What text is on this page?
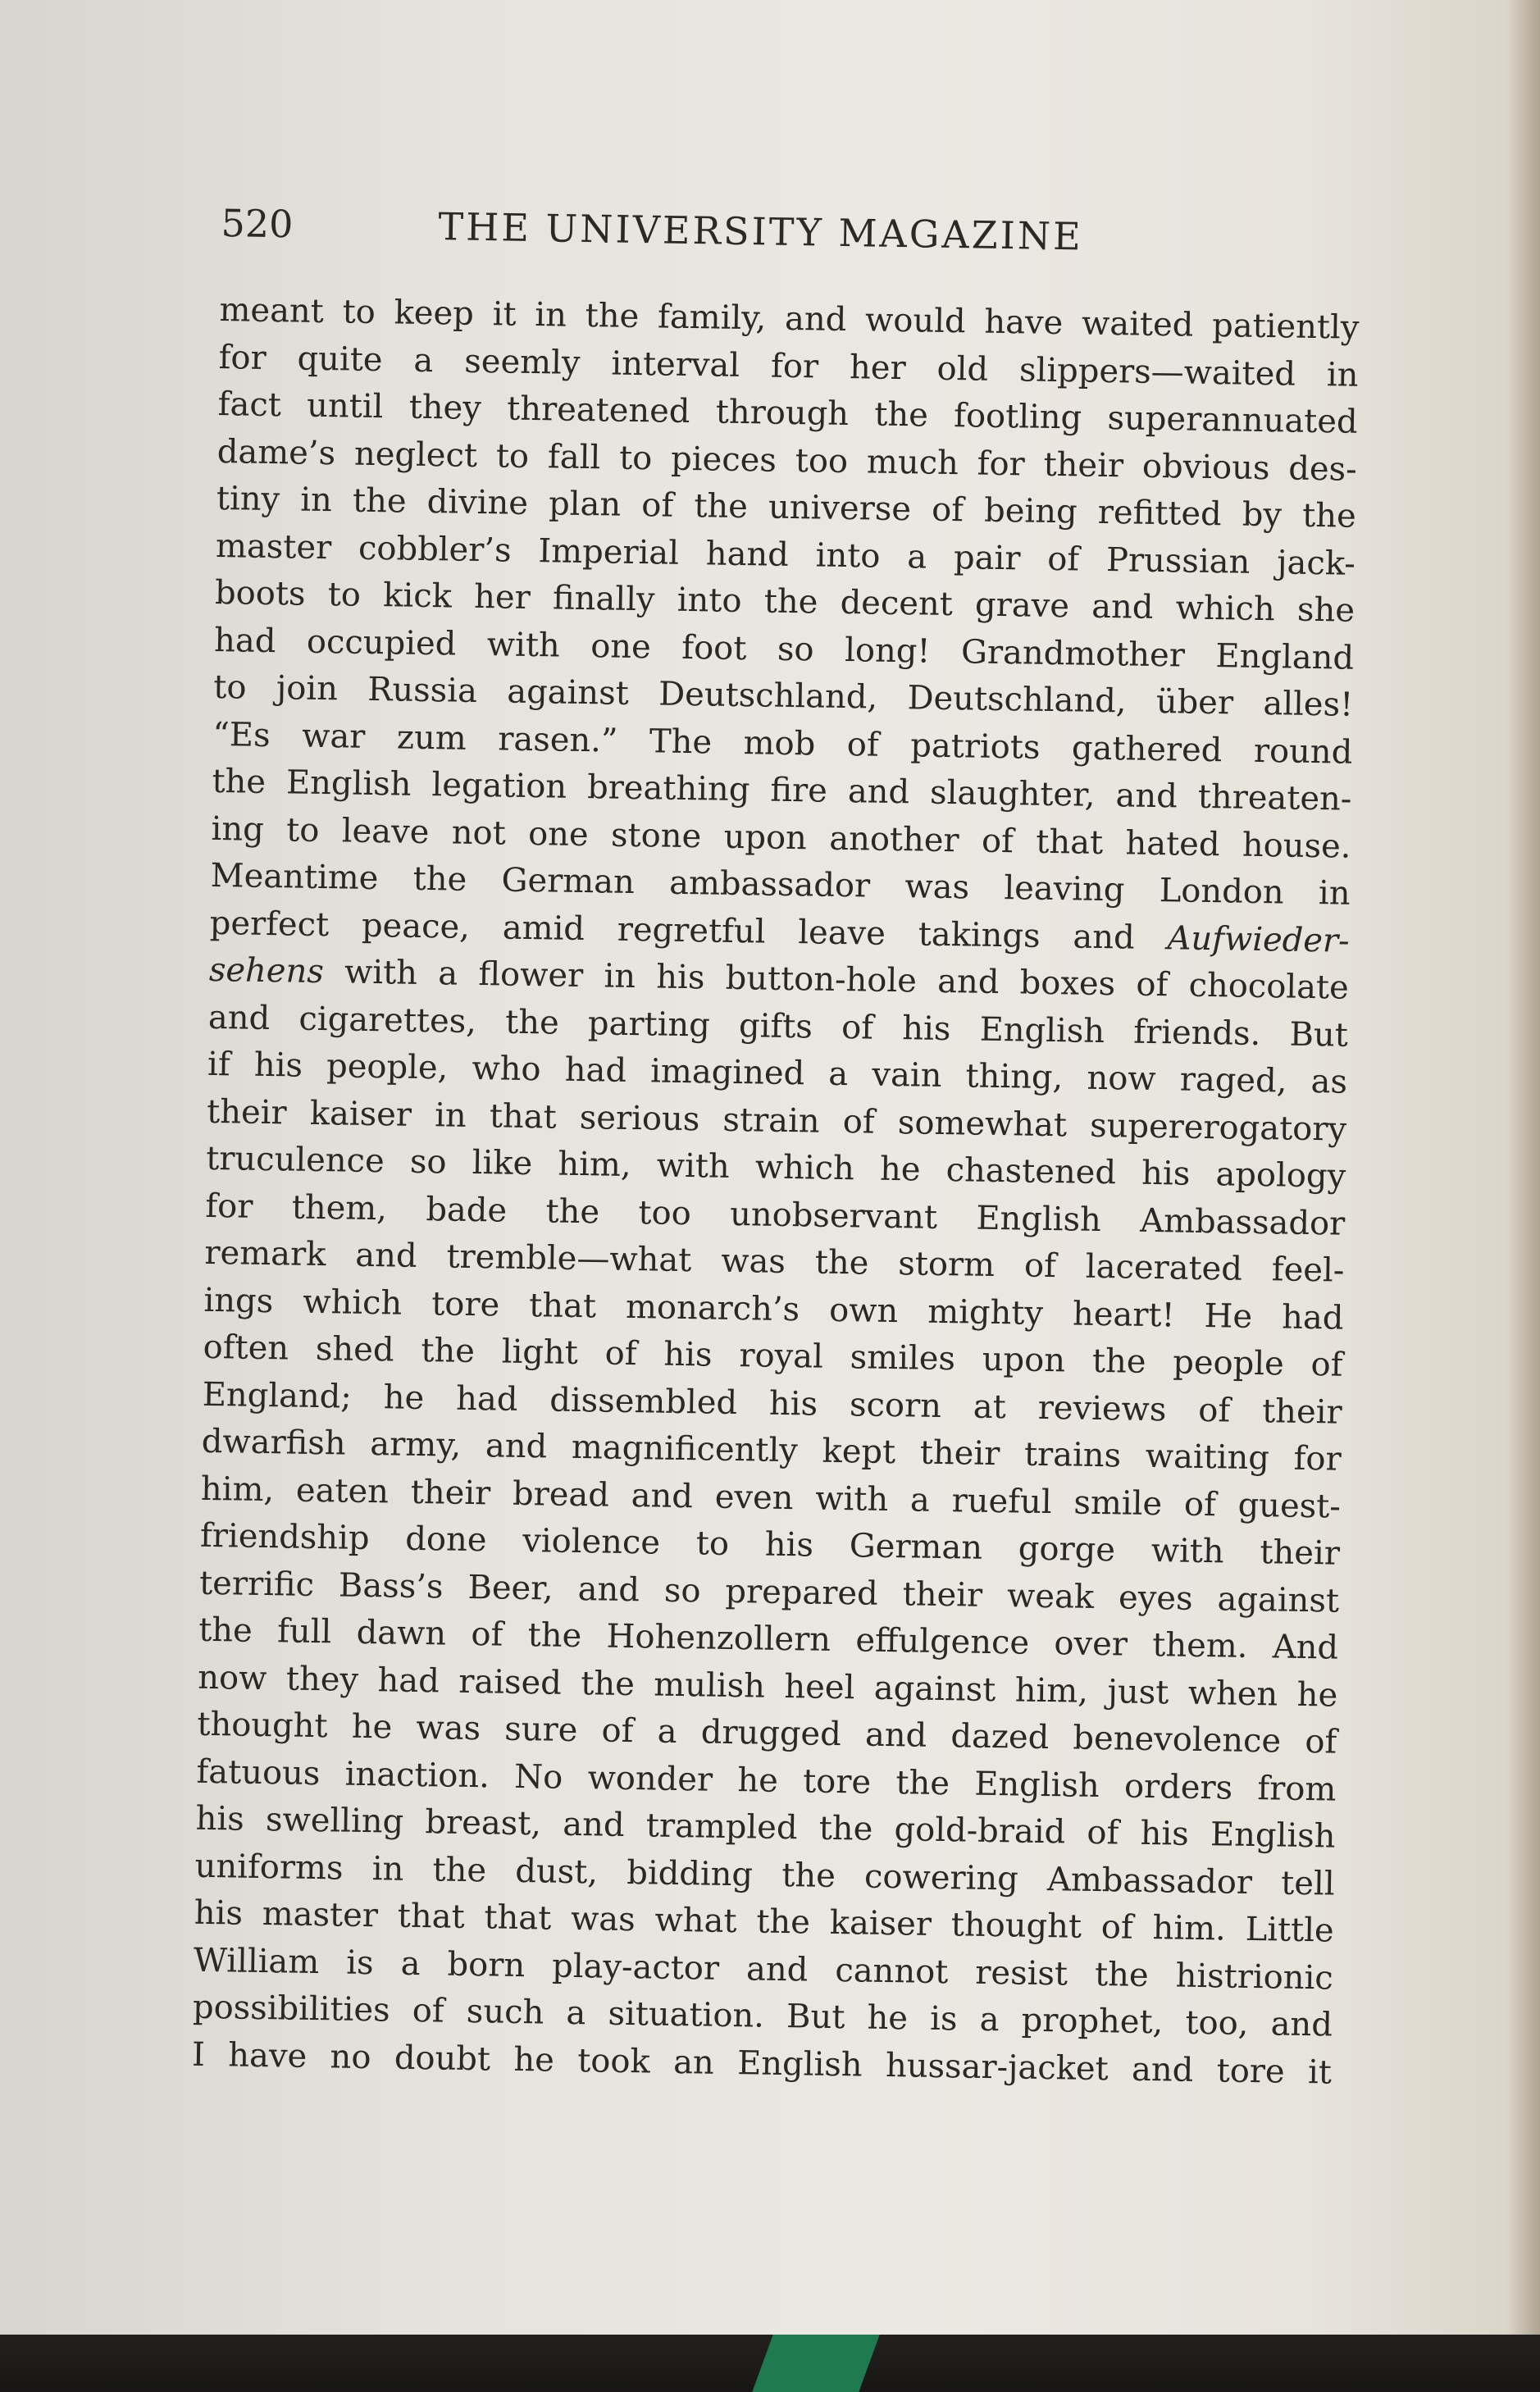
520	THE UNIVERSITY MAGAZINE
meant to keep it in the family, and would have waited patiently
for quite a seemly interval for her old slippers—waited in
fact until they threatened through the footling superannuated
dame’s neglect to fall to pieces too much for their obvious des-
tiny in the divine plan of the universe of being refitted by the
master cobbler’s Imperial hand into a pair of Prussian jack-
boots to kick her finally into the decent grave and which she
had occupied with one foot so long! Grandmother England
to join Russia against Deutschland, Deutschland, über alles!
“Es war zum rasen.” The mob of patriots gathered round
the English legation breathing fire and slaughter, and threaten-
ing to leave not one stone upon another of that hated house.
Meantime the German ambassador was leaving London in
perfect peace, amid regretful leave takings and Aufwieder-
sehens with a flower in his button-hole and boxes of chocolate
and cigarettes, the parting gifts of his English friends. But
if his people, who had imagined a vain thing, now raged, as
their kaiser in that serious strain of somewhat supererogatory
truculence so like him, with which he chastened his apology
for them, bade the too unobservant English Ambassador
remark and tremble—what was the storm of lacerated feel-
ings which tore that monarch’s own mighty heart! He had
often shed the light of his royal smiles upon the people of
England; he had dissembled his scorn at reviews of their
dwarfish army, and magnificently kept their trains waiting for
him, eaten their bread and even with a rueful smile of guest-
friendship done violence to his German gorge with their
terrific Bass’s Beer, and so prepared their weak eyes against
the full dawn of the Hohenzollern effulgence over them. And
now they had raised the mulish heel against him, just when he
thought he was sure of a drugged and dazed benevolence of
fatuous inaction. No wonder he tore the English orders from
his swelling breast, and trampled the gold-braid of his English
uniforms in the dust, bidding the cowering Ambassador tell
his master that that was what the kaiser thought of him. Little
William is a born play-actor and cannot resist the histrionic
possibilities of such a situation. But he is a prophet, too, and
I have no doubt he took an English hussar-jacket and tore it
